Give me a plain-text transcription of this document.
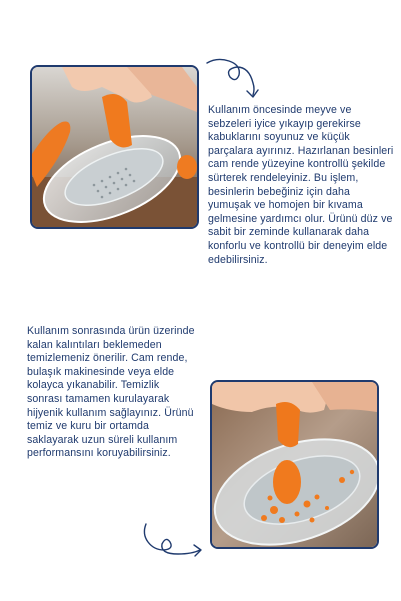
Kullanım öncesinde meyve ve sebzeleri iyice yıkayıp gerekirse kabuklarını soyunuz ve küçük parçalara ayırınız. Hazırlanan besinleri cam rende yüzeyine kontrollü şekilde sürterek rendeleyiniz. Bu işlem, besinlerin bebeğiniz için daha yumuşak ve homojen bir kıvama gelmesine yardımcı olur. Ürünü düz ve sabit bir zeminde kullanarak daha konforlu ve kontrollü bir deneyim elde edebilirsiniz.

Kullanım sonrasında ürün üzerinde kalan kalıntıları beklemeden temizlemeniz önerilir. Cam rende, bulaşık makinesinde veya elde kolayca yıkanabilir. Temizlik sonrası tamamen kurulayarak hijyenik kullanım sağlayınız. Ürünü temiz ve kuru bir ortamda saklayarak uzun süreli kullanım performansını koruyabilirsiniz.
